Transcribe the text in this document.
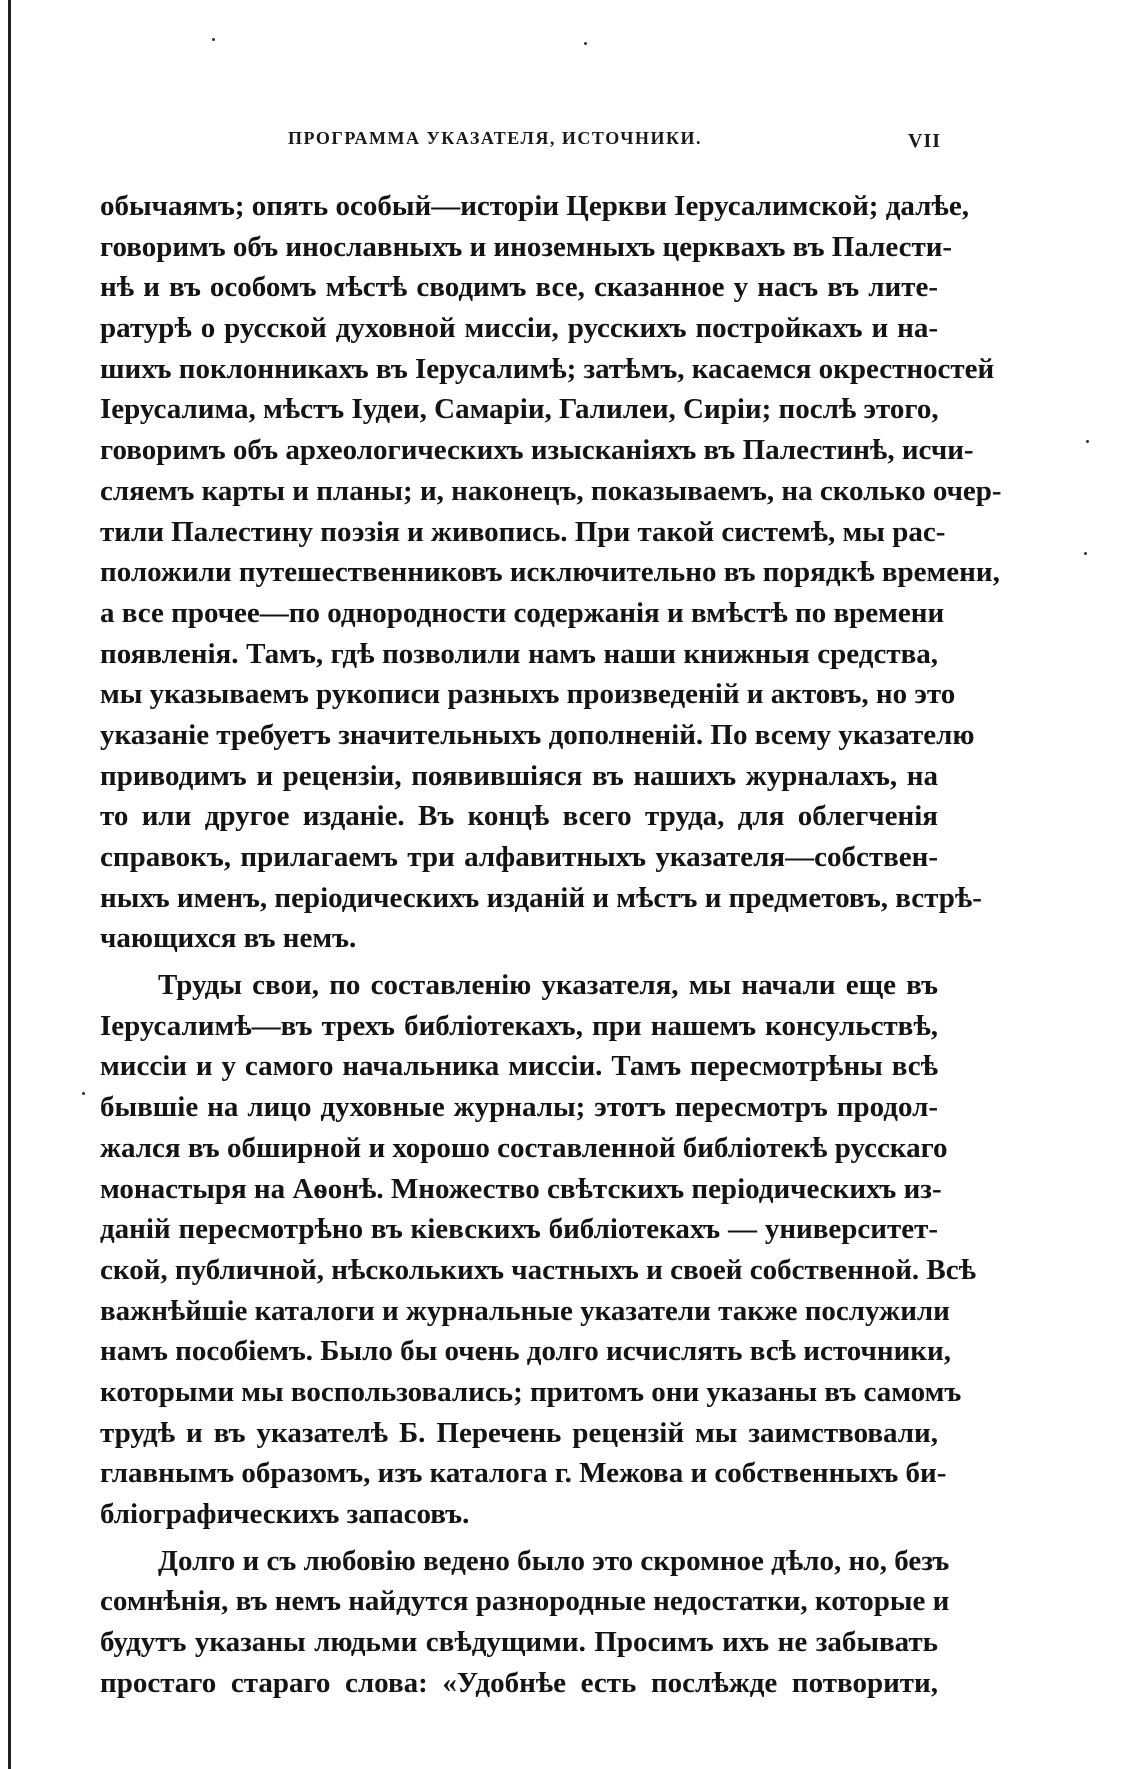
ПРОГРАММА УКАЗАТЕЛЯ, ИСТОЧНИКИ.	VII
обычаямъ; опять особый—исторіи Церкви Іерусалимской; далѣе,
говоримъ объ инославныхъ и иноземныхъ церквахъ въ Палести-
нѣ и въ особомъ мѣстѣ сводимъ все, сказанное у насъ въ лите-
ратурѣ о русской духовной миссіи, русскихъ постройкахъ и на-
шихъ поклонникахъ въ Іерусалимѣ; затѣмъ, касаемся окрестностей
Іерусалима, мѣстъ Іудеи, Самаріи, Галилеи, Сиріи; послѣ этого,
говоримъ объ археологическихъ изысканіяхъ въ Палестинѣ, исчи-
сляемъ карты и планы; и, наконецъ, показываемъ, на сколько очер-
тили Палестину поэзія и живопись. При такой системѣ, мы рас-
положили путешественниковъ исключительно въ порядкѣ времени,
а все прочее—по однородности содержанія и вмѣстѣ по времени
появленія. Тамъ, гдѣ позволили намъ наши книжныя средства,
мы указываемъ рукописи разныхъ произведеній и актовъ, но это
указаніе требуетъ значительныхъ дополненій. По всему указателю
приводимъ и рецензіи, появившіяся въ нашихъ журналахъ, на
то или другое изданіе. Въ концѣ всего труда, для облегченія
справокъ, прилагаемъ три алфавитныхъ указателя—собствен-
ныхъ именъ, періодическихъ изданій и мѣстъ и предметовъ, встрѣ-
чающихся въ немъ.
Труды свои, по составленію указателя, мы начали еще въ
Іерусалимѣ—въ трехъ библіотекахъ, при нашемъ консульствѣ,
миссіи и у самого начальника миссіи. Тамъ пересмотрѣны всѣ
бывшіе на лицо духовные журналы; этотъ пересмотръ продол-
жался въ обширной и хорошо составленной библіотекѣ русскаго
монастыря на Аѳонѣ. Множество свѣтскихъ періодическихъ из-
даній пересмотрѣно въ кіевскихъ библіотекахъ — университет-
ской, публичной, нѣсколькихъ частныхъ и своей собственной. Всѣ
важнѣйшіе каталоги и журнальные указатели также послужили
намъ пособіемъ. Было бы очень долго исчислять всѣ источники,
которыми мы воспользовались; притомъ они указаны въ самомъ
трудѣ и въ указателѣ Б. Перечень рецензій мы заимствовали,
главнымъ образомъ, изъ каталога г. Межова и собственныхъ би-
бліографическихъ запасовъ.
Долго и съ любовію ведено было это скромное дѣло, но, безъ
сомнѣнія, въ немъ найдутся разнородные недостатки, которые и
будутъ указаны людьми свѣдущими. Просимъ ихъ не забывать
простаго стараго слова: «Удобнѣе есть послѣжде потворити,
